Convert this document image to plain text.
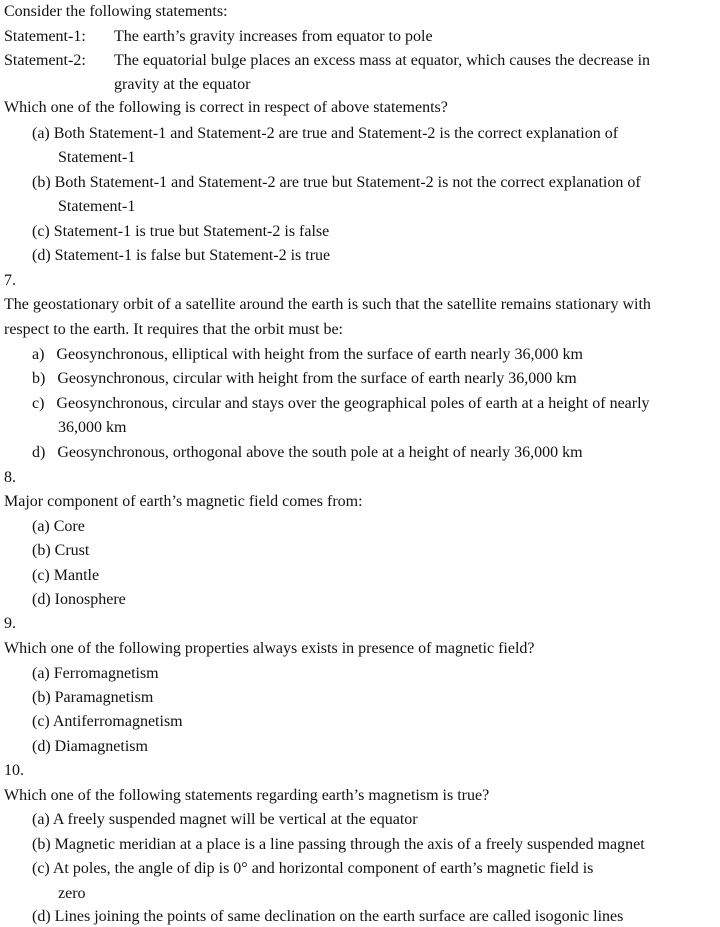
Consider the following statements:
Statement-1: The earth’s gravity increases from equator to pole
Statement-2: The equatorial bulge places an excess mass at equator, which causes the decrease in
gravity at the equator
Which one of the following is correct in respect of above statements?
(a) Both Statement-1 and Statement-2 are true and Statement-2 is the correct explanation of
Statement-1
(b) Both Statement-1 and Statement-2 are true but Statement-2 is not the correct explanation of
Statement-1
(c) Statement-1 is true but Statement-2 is false
(d) Statement-1 is false but Statement-2 is true
7.
The geostationary orbit of a satellite around the earth is such that the satellite remains stationary with
respect to the earth. It requires that the orbit must be:
a)  Geosynchronous, elliptical with height from the surface of earth nearly 36,000 km
b)  Geosynchronous, circular with height from the surface of earth nearly 36,000 km
c)  Geosynchronous, circular and stays over the geographical poles of earth at a height of nearly
36,000 km
d)  Geosynchronous, orthogonal above the south pole at a height of nearly 36,000 km
8.
Major component of earth’s magnetic field comes from:
(a) Core
(b) Crust
(c) Mantle
(d) Ionosphere
9.
Which one of the following properties always exists in presence of magnetic field?
(a) Ferromagnetism
(b) Paramagnetism
(c) Antiferromagnetism
(d) Diamagnetism
10.
Which one of the following statements regarding earth’s magnetism is true?
(a) A freely suspended magnet will be vertical at the equator
(b) Magnetic meridian at a place is a line passing through the axis of a freely suspended magnet
(c) At poles, the angle of dip is 0° and horizontal component of earth’s magnetic field is
zero
(d) Lines joining the points of same declination on the earth surface are called isogonic lines
